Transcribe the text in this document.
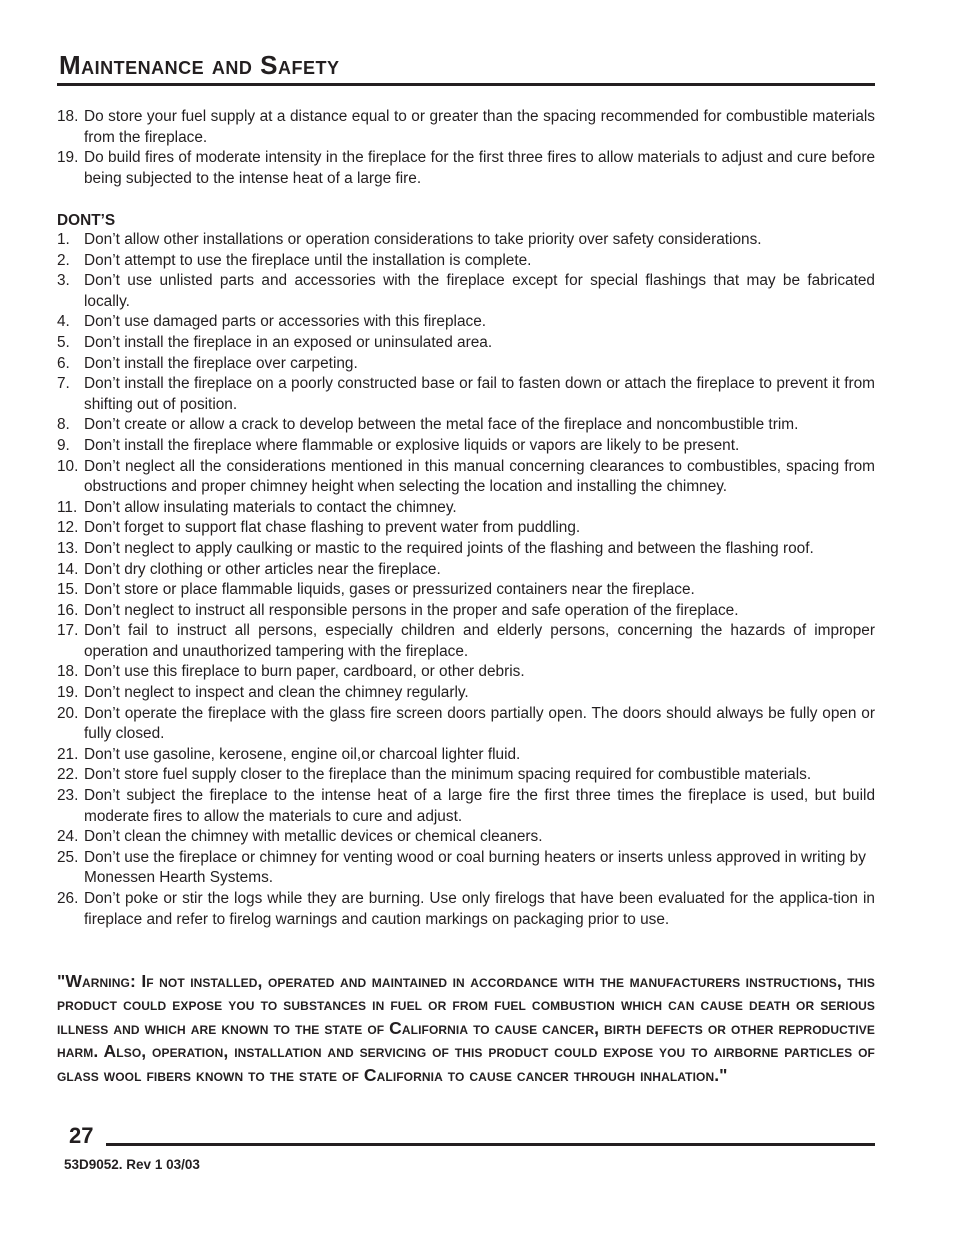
Maintenance and Safety
18. Do store your fuel supply at a distance equal to or greater than the spacing recommended for combustible materials from the fireplace.
19. Do build fires of moderate intensity in the fireplace for the first three fires to allow materials to adjust and cure before being subjected to the intense heat of a large fire.
DONT’S
1. Don’t allow other installations or operation considerations to take priority over safety considerations.
2. Don’t attempt to use the fireplace until the installation is complete.
3. Don’t use unlisted parts and accessories with the fireplace except for special flashings that may be fabricated locally.
4. Don’t use damaged parts or accessories with this fireplace.
5. Don’t install the fireplace in an exposed or uninsulated area.
6. Don’t install the fireplace over carpeting.
7. Don’t install the fireplace on a poorly constructed base or fail to fasten down or attach the fireplace to prevent it from shifting out of position.
8. Don’t create or allow a crack to develop between the metal face of the fireplace and noncombustible trim.
9. Don’t install the fireplace where flammable or explosive liquids or vapors are likely to be present.
10. Don’t neglect all the considerations mentioned in this manual concerning clearances to combustibles, spacing from obstructions and proper chimney height when selecting the location and installing the chimney.
11. Don’t allow insulating materials to contact the chimney.
12. Don’t forget to support flat chase flashing to prevent water from puddling.
13. Don’t neglect to apply caulking or mastic to the required joints of the flashing and between the flashing roof.
14. Don’t dry clothing or other articles near the fireplace.
15. Don’t store or place flammable liquids, gases or pressurized containers near the fireplace.
16. Don’t neglect to instruct all responsible persons in the proper and safe operation of the fireplace.
17. Don’t fail to instruct all persons, especially children and elderly persons, concerning the hazards of improper operation and unauthorized tampering with the fireplace.
18. Don’t use this fireplace to burn paper, cardboard, or other debris.
19. Don’t neglect to inspect and clean the chimney regularly.
20. Don’t operate the fireplace with the glass fire screen doors partially open. The doors should always be fully open or fully closed.
21. Don’t use gasoline, kerosene, engine oil,or charcoal lighter fluid.
22. Don’t store fuel supply closer to the fireplace than the minimum spacing required for combustible materials.
23. Don’t subject the fireplace to the intense heat of a large fire the first three times the fireplace is used, but build moderate fires to allow the materials to cure and adjust.
24. Don’t clean the chimney with metallic devices or chemical cleaners.
25. Don’t use the fireplace or chimney for venting wood or coal burning heaters or inserts unless approved in writing by Monessen Hearth Systems.
26. Don’t poke or stir the logs while they are burning. Use only firelogs that have been evaluated for the applica-tion in fireplace and refer to firelog warnings and caution markings on packaging prior to use.
"Warning: If not installed, operated and maintained in accordance with the manufacturers instructions, this product could expose you to substances in fuel or from fuel combustion which can cause death or serious illness and which are known to the state of California to cause cancer, birth defects or other reproductive harm. Also, operation, installation and servicing of this product could expose you to airborne particles of glass wool fibers known to the state of California to cause cancer through inhalation."
27
53D9052. Rev 1 03/03
